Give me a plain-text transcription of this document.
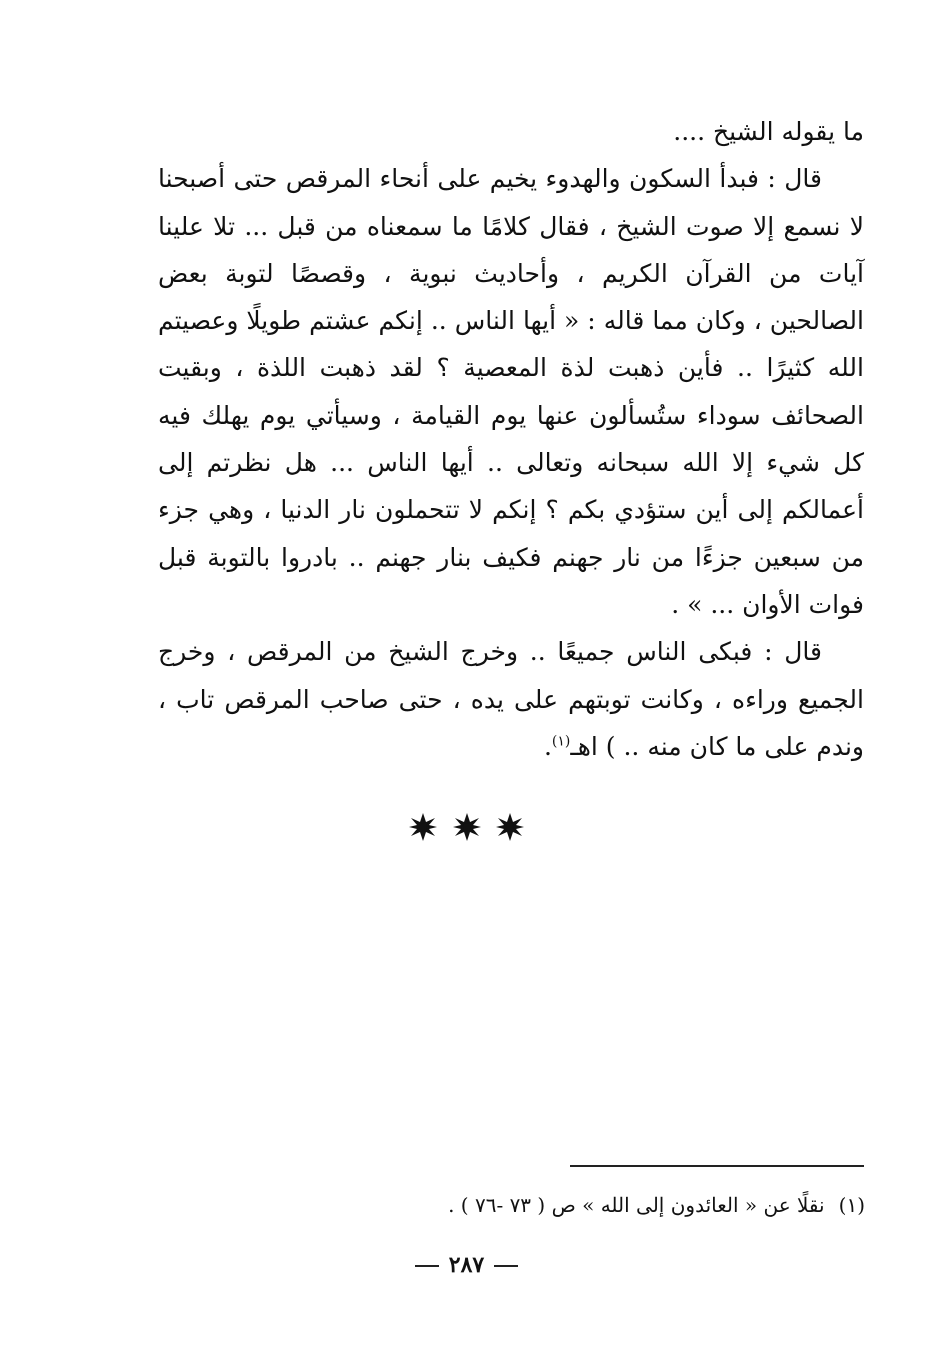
ما يقوله الشيخ ....

قال : فبدأ السكون والهدوء يخيم على أنحاء المرقص حتى أصبحنا لا نسمع إلا صوت الشيخ ، فقال كلامًا ما سمعناه من قبل ... تلا علينا آيات من القرآن الكريم ، وأحاديث نبوية ، وقصصًا لتوبة بعض الصالحين ، وكان مما قاله : « أيها الناس .. إنكم عشتم طويلًا وعصيتم الله كثيرًا .. فأين ذهبت لذة المعصية ؟ لقد ذهبت اللذة ، وبقيت الصحائف سوداء ستُسألون عنها يوم القيامة ، وسيأتي يوم يهلك فيه كل شيء إلا الله سبحانه وتعالى .. أيها الناس ... هل نظرتم إلى أعمالكم إلى أين ستؤدي بكم ؟ إنكم لا تتحملون نار الدنيا ، وهي جزء من سبعين جزءًا من نار جهنم فكيف بنار جهنم .. بادروا بالتوبة قبل فوات الأوان ... » .

قال : فبكى الناس جميعًا .. وخرج الشيخ من المرقص ، وخرج الجميع وراءه ، وكانت توبتهم على يده ، حتى صاحب المرقص تاب ، وندم على ما كان منه .. ) اهـ$^{(١)}$.

(١)نقلًا عن « العائدون إلى الله » ص ( ٧٣ -٧٦ ) .
٢٨٧
